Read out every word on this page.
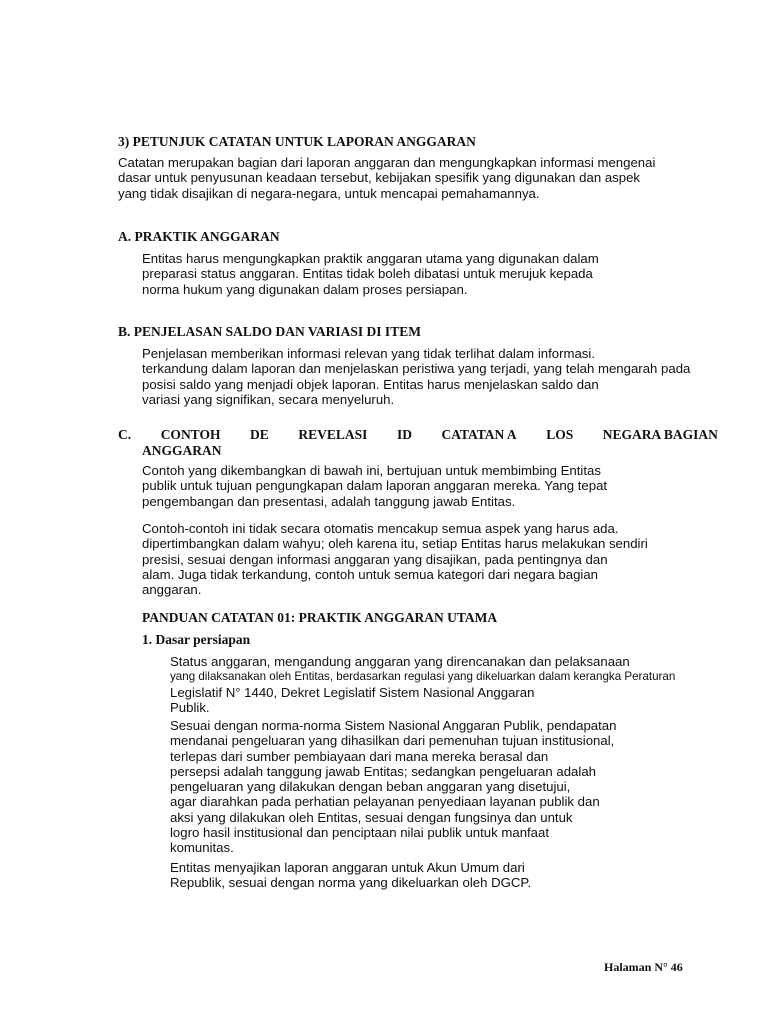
3) PETUNJUK CATATAN UNTUK LAPORAN ANGGARAN

Catatan merupakan bagian dari laporan anggaran dan mengungkapkan informasi mengenai
dasar untuk penyusunan keadaan tersebut, kebijakan spesifik yang digunakan dan aspek
yang tidak disajikan di negara-negara, untuk mencapai pemahamannya.

A. PRAKTIK ANGGARAN

Entitas harus mengungkapkan praktik anggaran utama yang digunakan dalam
preparasi status anggaran. Entitas tidak boleh dibatasi untuk merujuk kepada
norma hukum yang digunakan dalam proses persiapan.

B. PENJELASAN SALDO DAN VARIASI DI ITEM

Penjelasan memberikan informasi relevan yang tidak terlihat dalam informasi.
terkandung dalam laporan dan menjelaskan peristiwa yang terjadi, yang telah mengarah pada
posisi saldo yang menjadi objek laporan. Entitas harus menjelaskan saldo dan
variasi yang signifikan, secara menyeluruh.

C. CONTOH DE REVELASI ID CATATAN A LOS NEGARA BAGIAN
ANGGARAN

Contoh yang dikembangkan di bawah ini, bertujuan untuk membimbing Entitas
publik untuk tujuan pengungkapan dalam laporan anggaran mereka. Yang tepat
pengembangan dan presentasi, adalah tanggung jawab Entitas.

Contoh-contoh ini tidak secara otomatis mencakup semua aspek yang harus ada.
dipertimbangkan dalam wahyu; oleh karena itu, setiap Entitas harus melakukan sendiri
presisi, sesuai dengan informasi anggaran yang disajikan, pada pentingnya dan
alam. Juga tidak terkandung, contoh untuk semua kategori dari negara bagian
anggaran.

PANDUAN CATATAN 01: PRAKTIK ANGGARAN UTAMA
1. Dasar persiapan

Status anggaran, mengandung anggaran yang direncanakan dan pelaksanaan
yang dilaksanakan oleh Entitas, berdasarkan regulasi yang dikeluarkan dalam kerangka Peraturan
Legislatif N° 1440, Dekret Legislatif Sistem Nasional Anggaran
Publik.

Sesuai dengan norma-norma Sistem Nasional Anggaran Publik, pendapatan
mendanai pengeluaran yang dihasilkan dari pemenuhan tujuan institusional,
terlepas dari sumber pembiayaan dari mana mereka berasal dan
persepsi adalah tanggung jawab Entitas; sedangkan pengeluaran adalah
pengeluaran yang dilakukan dengan beban anggaran yang disetujui,
agar diarahkan pada perhatian pelayanan penyediaan layanan publik dan
aksi yang dilakukan oleh Entitas, sesuai dengan fungsinya dan untuk
logro hasil institusional dan penciptaan nilai publik untuk manfaat
komunitas.

Entitas menyajikan laporan anggaran untuk Akun Umum dari
Republik, sesuai dengan norma yang dikeluarkan oleh DGCP.

Halaman N° 46
